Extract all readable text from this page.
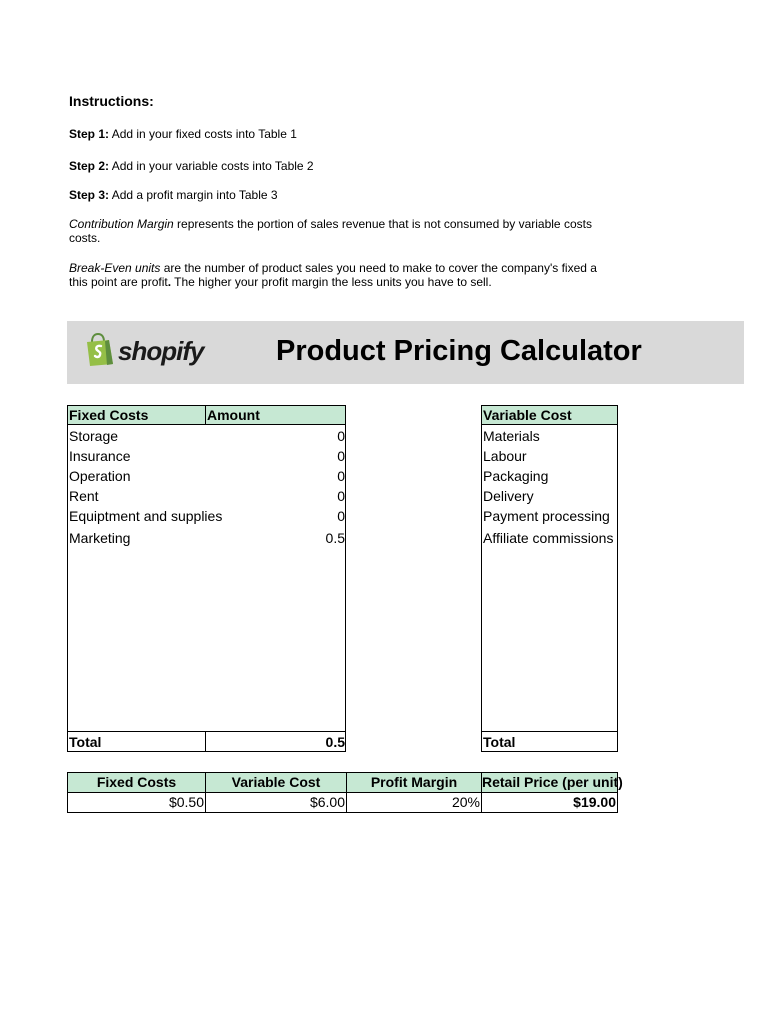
Instructions:
Step 1: Add in your fixed costs into Table 1
Step 2: Add in your variable costs into Table 2
Step 3: Add a profit margin into Table 3
Contribution Margin represents the portion of sales revenue that is not consumed by variable costs
costs.
Break-Even units are the number of product sales you need to make to cover the company's fixed a
this point are profit. The higher your profit margin the less units you have to sell.
shopify	Product Pricing Calculator
Fixed Costs	Amount
Storage	0
Insurance	0
Operation	0
Rent	0
Equiptment and supplies	0
Marketing	0.5
Total	0.5
Variable Cost
Materials
Labour
Packaging
Delivery
Payment processing
Affiliate commissions
Total
Fixed Costs	Variable Cost	Profit Margin	Retail Price (per unit)
$0.50	$6.00	20%	$19.00
